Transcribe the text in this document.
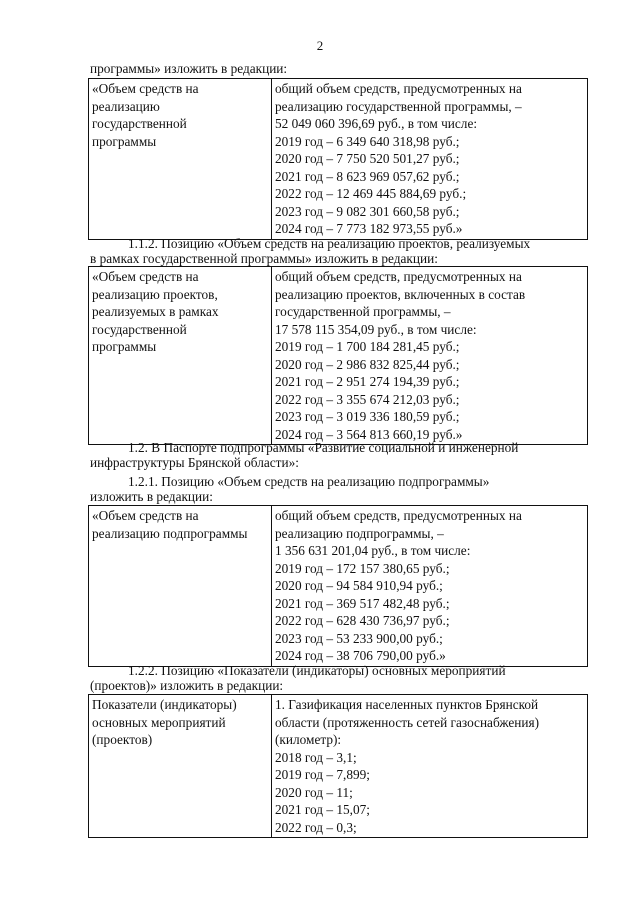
2
программы» изложить в редакции:
«Объем средств на
реализацию
государственной
программы

общий объем средств, предусмотренных на
реализацию государственной программы, –
52 049 060 396,69 руб., в том числе:
2019 год – 6 349 640 318,98 руб.;
2020 год – 7 750 520 501,27 руб.;
2021 год – 8 623 969 057,62 руб.;
2022 год – 12 469 445 884,69 руб.;
2023 год – 9 082 301 660,58 руб.;
2024 год – 7 773 182 973,55 руб.»
1.1.2. Позицию «Объем средств на реализацию проектов, реализуемых
в рамках государственной программы» изложить в редакции:
«Объем средств на
реализацию проектов,
реализуемых в рамках
государственной
программы

общий объем средств, предусмотренных на
реализацию проектов, включенных в состав
государственной программы, –
17 578 115 354,09 руб., в том числе:
2019 год – 1 700 184 281,45 руб.;
2020 год – 2 986 832 825,44 руб.;
2021 год – 2 951 274 194,39 руб.;
2022 год – 3 355 674 212,03 руб.;
2023 год – 3 019 336 180,59 руб.;
2024 год – 3 564 813 660,19 руб.»
1.2. В Паспорте подпрограммы «Развитие социальной и инженерной
инфраструктуры Брянской области»:
1.2.1. Позицию «Объем средств на реализацию подпрограммы»
изложить в редакции:
«Объем средств на
реализацию подпрограммы

общий объем средств, предусмотренных на
реализацию подпрограммы, –
1 356 631 201,04 руб., в том числе:
2019 год – 172 157 380,65 руб.;
2020 год – 94 584 910,94 руб.;
2021 год – 369 517 482,48 руб.;
2022 год – 628 430 736,97 руб.;
2023 год – 53 233 900,00 руб.;
2024 год – 38 706 790,00 руб.»
1.2.2. Позицию «Показатели (индикаторы) основных мероприятий
(проектов)» изложить в редакции:
Показатели (индикаторы)
основных мероприятий
(проектов)

1. Газификация населенных пунктов Брянской
области (протяженность сетей газоснабжения)
(километр):
2018 год – 3,1;
2019 год – 7,899;
2020 год – 11;
2021 год – 15,07;
2022 год – 0,3;
